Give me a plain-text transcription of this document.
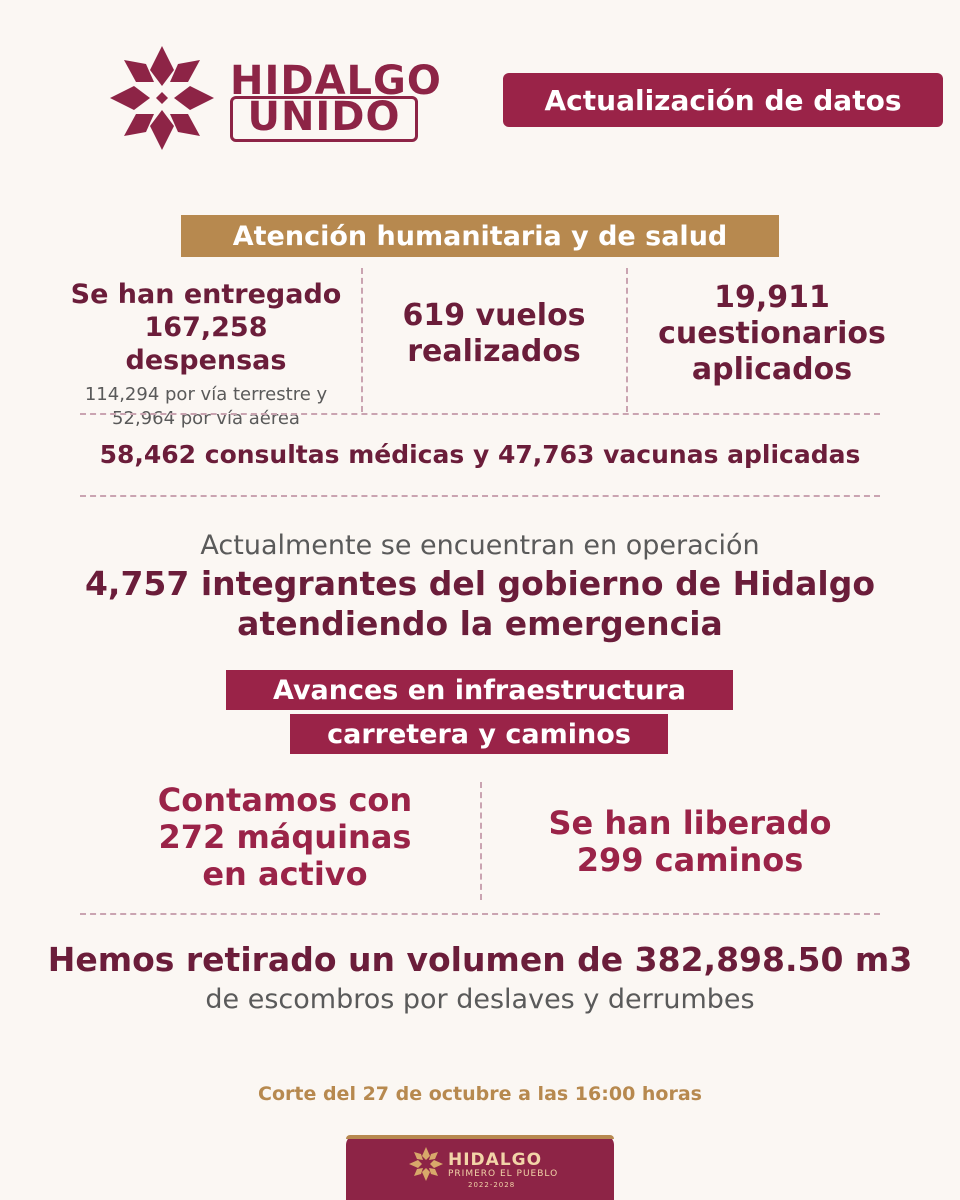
HIDALGO
UNIDO	Actualización de datos
Atención humanitaria y de salud
Se han entregado
167,258 despensas
114,294 por vía terrestre y
52,964 por vía aérea
619 vuelos
realizados
19,911
cuestionarios
aplicados
58,462 consultas médicas y 47,763 vacunas aplicadas
Actualmente se encuentran en operación
4,757 integrantes del gobierno de Hidalgo
atendiendo la emergencia
Avances en infraestructura
carretera y caminos
Contamos con
272 máquinas
en activo
Se han liberado
299 caminos
Hemos retirado un volumen de 382,898.50 m3
de escombros por deslaves y derrumbes
Corte del 27 de octubre a las 16:00 horas
HIDALGO
PRIMERO EL PUEBLO
2022-2028
